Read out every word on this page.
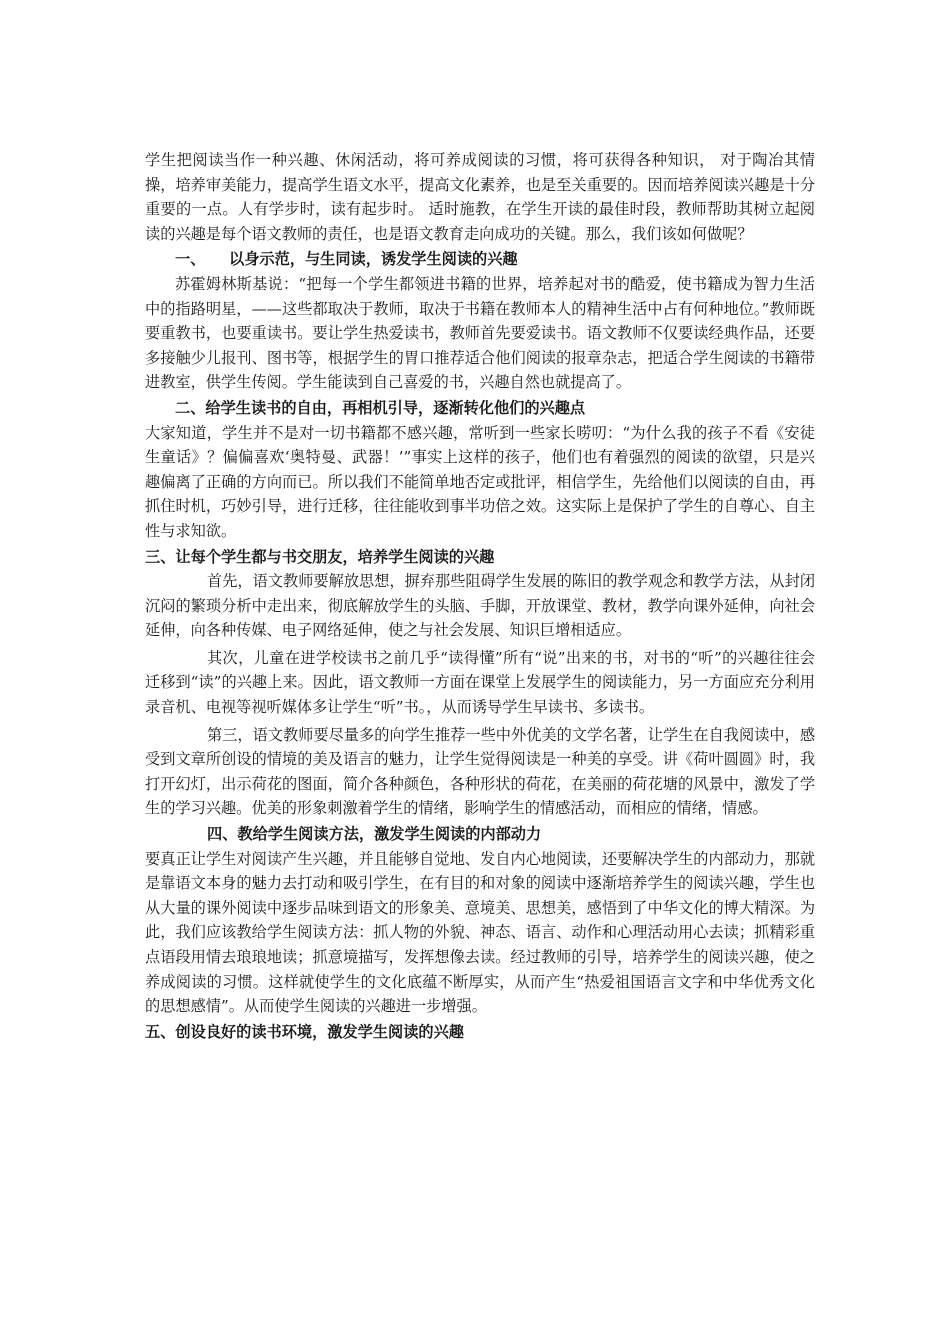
学生把阅读当作一种兴趣、休闲活动，将可养成阅读的习惯，将可获得各种知识， 对于陶冶其情操，培养审美能力，提高学生语文水平，提高文化素养，也是至关重要的。因而培养阅读兴趣是十分重要的一点。人有学步时，读有起步时。 适时施教，在学生开读的最佳时段，教师帮助其树立起阅读的兴趣是每个语文教师的责任，也是语文教育走向成功的关键。那么，我们该如何做呢？

一、 以身示范，与生同读，诱发学生阅读的兴趣

苏霍姆林斯基说：“把每一个学生都领进书籍的世界，培养起对书的酷爱，使书籍成为智力生活中的指路明星，——这些都取决于教师，取决于书籍在教师本人的精神生活中占有何种地位。”教师既要重教书，也要重读书。要让学生热爱读书，教师首先要爱读书。语文教师不仅要读经典作品，还要多接触少儿报刊、图书等，根据学生的胃口推荐适合他们阅读的报章杂志，把适合学生阅读的书籍带进教室，供学生传阅。学生能读到自己喜爱的书，兴趣自然也就提高了。

二、给学生读书的自由，再相机引导，逐渐转化他们的兴趣点

大家知道，学生并不是对一切书籍都不感兴趣，常听到一些家长唠叨：“为什么我的孩子不看《安徒生童话》？偏偏喜欢‘奥特曼、武器！’”事实上这样的孩子，他们也有着强烈的阅读的欲望，只是兴趣偏离了正确的方向而已。所以我们不能简单地否定或批评，相信学生，先给他们以阅读的自由，再抓住时机，巧妙引导，进行迁移，往往能收到事半功倍之效。这实际上是保护了学生的自尊心、自主性与求知欲。

三、让每个学生都与书交朋友，培养学生阅读的兴趣

首先，语文教师要解放思想，摒弃那些阻碍学生发展的陈旧的教学观念和教学方法，从封闭沉闷的繁琐分析中走出来，彻底解放学生的头脑、手脚，开放课堂、教材，教学向课外延伸，向社会延伸，向各种传媒、电子网络延伸，使之与社会发展、知识巨增相适应。

其次，儿童在进学校读书之前几乎“读得懂”所有“说”出来的书，对书的“听”的兴趣往往会迁移到“读”的兴趣上来。因此，语文教师一方面在课堂上发展学生的阅读能力，另一方面应充分利用录音机、电视等视听媒体多让学生“听”书。，从而诱导学生早读书、多读书。

第三，语文教师要尽量多的向学生推荐一些中外优美的文学名著，让学生在自我阅读中，感受到文章所创设的情境的美及语言的魅力，让学生觉得阅读是一种美的享受。讲《荷叶圆圆》时，我打开幻灯，出示荷花的图面，简介各种颜色，各种形状的荷花，在美丽的荷花塘的风景中，激发了学生的学习兴趣。优美的形象刺激着学生的情绪，影响学生的情感活动，而相应的情绪，情感。

四、教给学生阅读方法，激发学生阅读的内部动力

要真正让学生对阅读产生兴趣，并且能够自觉地、发自内心地阅读，还要解决学生的内部动力，那就是靠语文本身的魅力去打动和吸引学生，在有目的和对象的阅读中逐渐培养学生的阅读兴趣，学生也从大量的课外阅读中逐步品味到语文的形象美、意境美、思想美，感悟到了中华文化的博大精深。为此，我们应该教给学生阅读方法：抓人物的外貌、神态、语言、动作和心理活动用心去读；抓精彩重点语段用情去琅琅地读；抓意境描写，发挥想像去读。经过教师的引导，培养学生的阅读兴趣，使之养成阅读的习惯。这样就使学生的文化底蕴不断厚实，从而产生“热爱祖国语言文字和中华优秀文化的思想感情”。从而使学生阅读的兴趣进一步增强。

五、创设良好的读书环境，激发学生阅读的兴趣
